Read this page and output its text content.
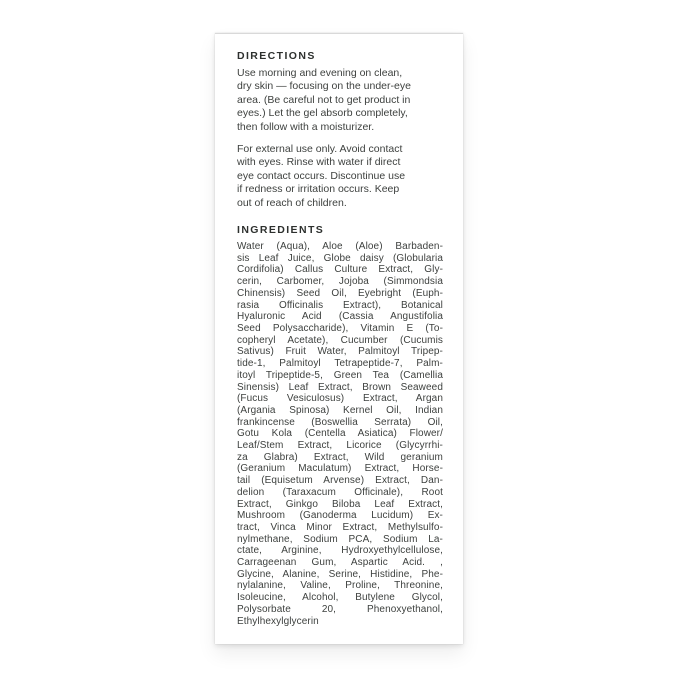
DIRECTIONS
Use morning and evening on clean,
dry skin — focusing on the under-eye
area. (Be careful not to get product in
eyes.) Let the gel absorb completely,
then follow with a moisturizer.
For external use only. Avoid contact
with eyes. Rinse with water if direct
eye contact occurs. Discontinue use
if redness or irritation occurs. Keep
out of reach of children.
INGREDIENTS
Water (Aqua), Aloe (Aloe) Barbaden-
sis Leaf Juice, Globe daisy (Globularia
Cordifolia) Callus Culture Extract, Gly-
cerin, Carbomer, Jojoba (Simmondsia
Chinensis) Seed Oil, Eyebright (Euph-
rasia Officinalis Extract), Botanical
Hyaluronic Acid (Cassia Angustifolia
Seed Polysaccharide), Vitamin E (To-
copheryl Acetate), Cucumber (Cucumis
Sativus) Fruit Water, Palmitoyl Tripep-
tide-1, Palmitoyl Tetrapeptide-7, Palm-
itoyl Tripeptide-5, Green Tea (Camellia
Sinensis) Leaf Extract, Brown Seaweed
(Fucus Vesiculosus) Extract, Argan
(Argania Spinosa) Kernel Oil, Indian
frankincense (Boswellia Serrata) Oil,
Gotu Kola (Centella Asiatica) Flower/
Leaf/Stem Extract, Licorice (Glycyrrhi-
za Glabra) Extract, Wild geranium
(Geranium Maculatum) Extract, Horse-
tail (Equisetum Arvense) Extract, Dan-
delion (Taraxacum Officinale), Root
Extract, Ginkgo Biloba Leaf Extract,
Mushroom (Ganoderma Lucidum) Ex-
tract, Vinca Minor Extract, Methylsulfo-
nylmethane, Sodium PCA, Sodium La-
ctate, Arginine, Hydroxyethylcellulose,
Carrageenan Gum, Aspartic Acid. ,
Glycine, Alanine, Serine, Histidine, Phe-
nylalanine, Valine, Proline, Threonine,
Isoleucine, Alcohol, Butylene Glycol,
Polysorbate 20, Phenoxyethanol,
Ethylhexylglycerin
